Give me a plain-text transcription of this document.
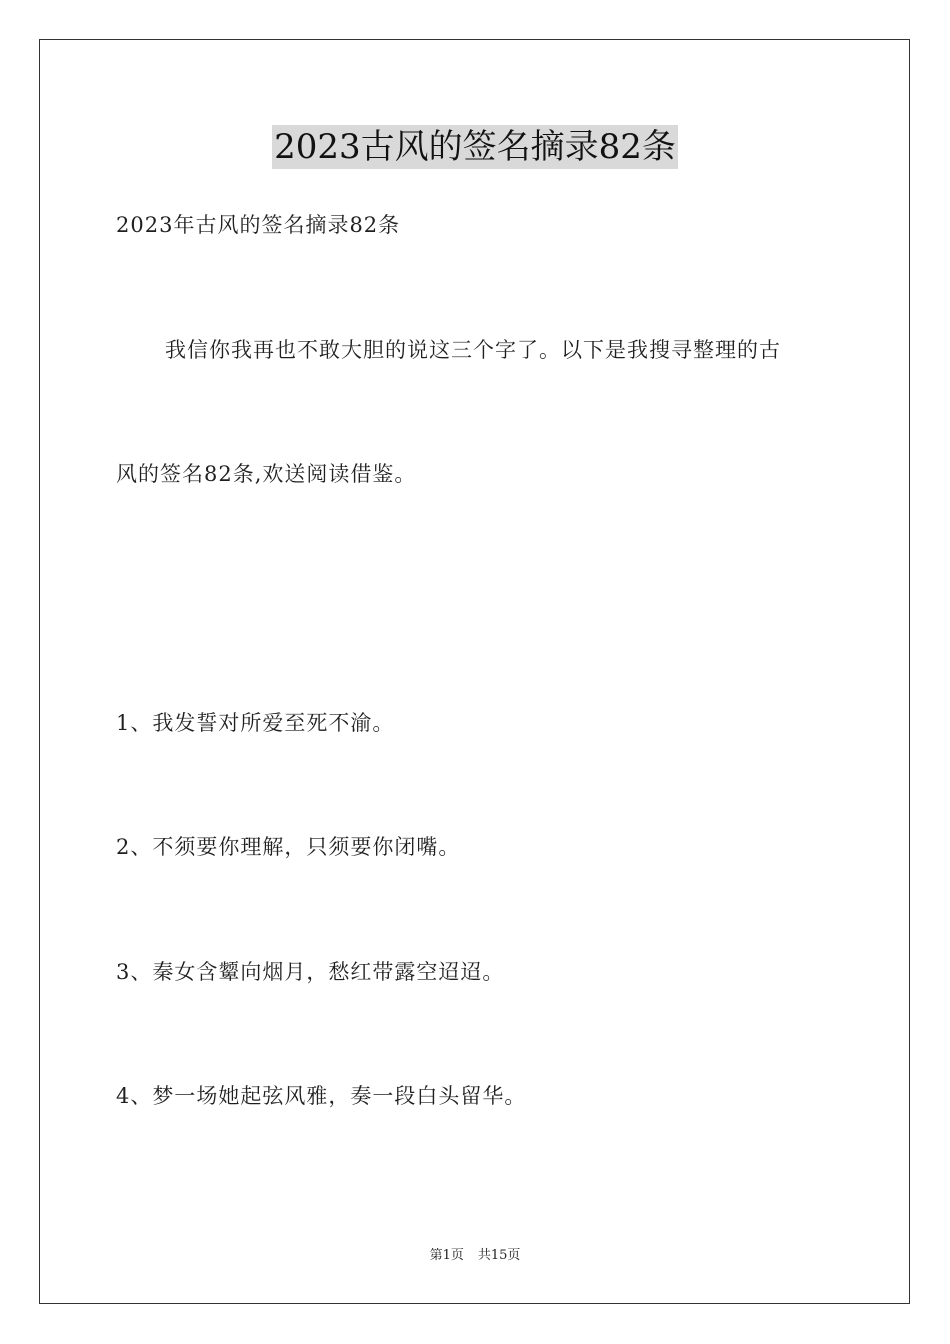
2023古风的签名摘录82条
2023年古风的签名摘录82条
我信你我再也不敢大胆的说这三个字了。以下是我搜寻整理的古
风的签名82条,欢送阅读借鉴。
1、我发誓对所爱至死不渝。
2、不须要你理解，只须要你闭嘴。
3、秦女含颦向烟月，愁红带露空迢迢。
4、梦一场她起弦风雅，奏一段白头留华。
第1页 共15页
